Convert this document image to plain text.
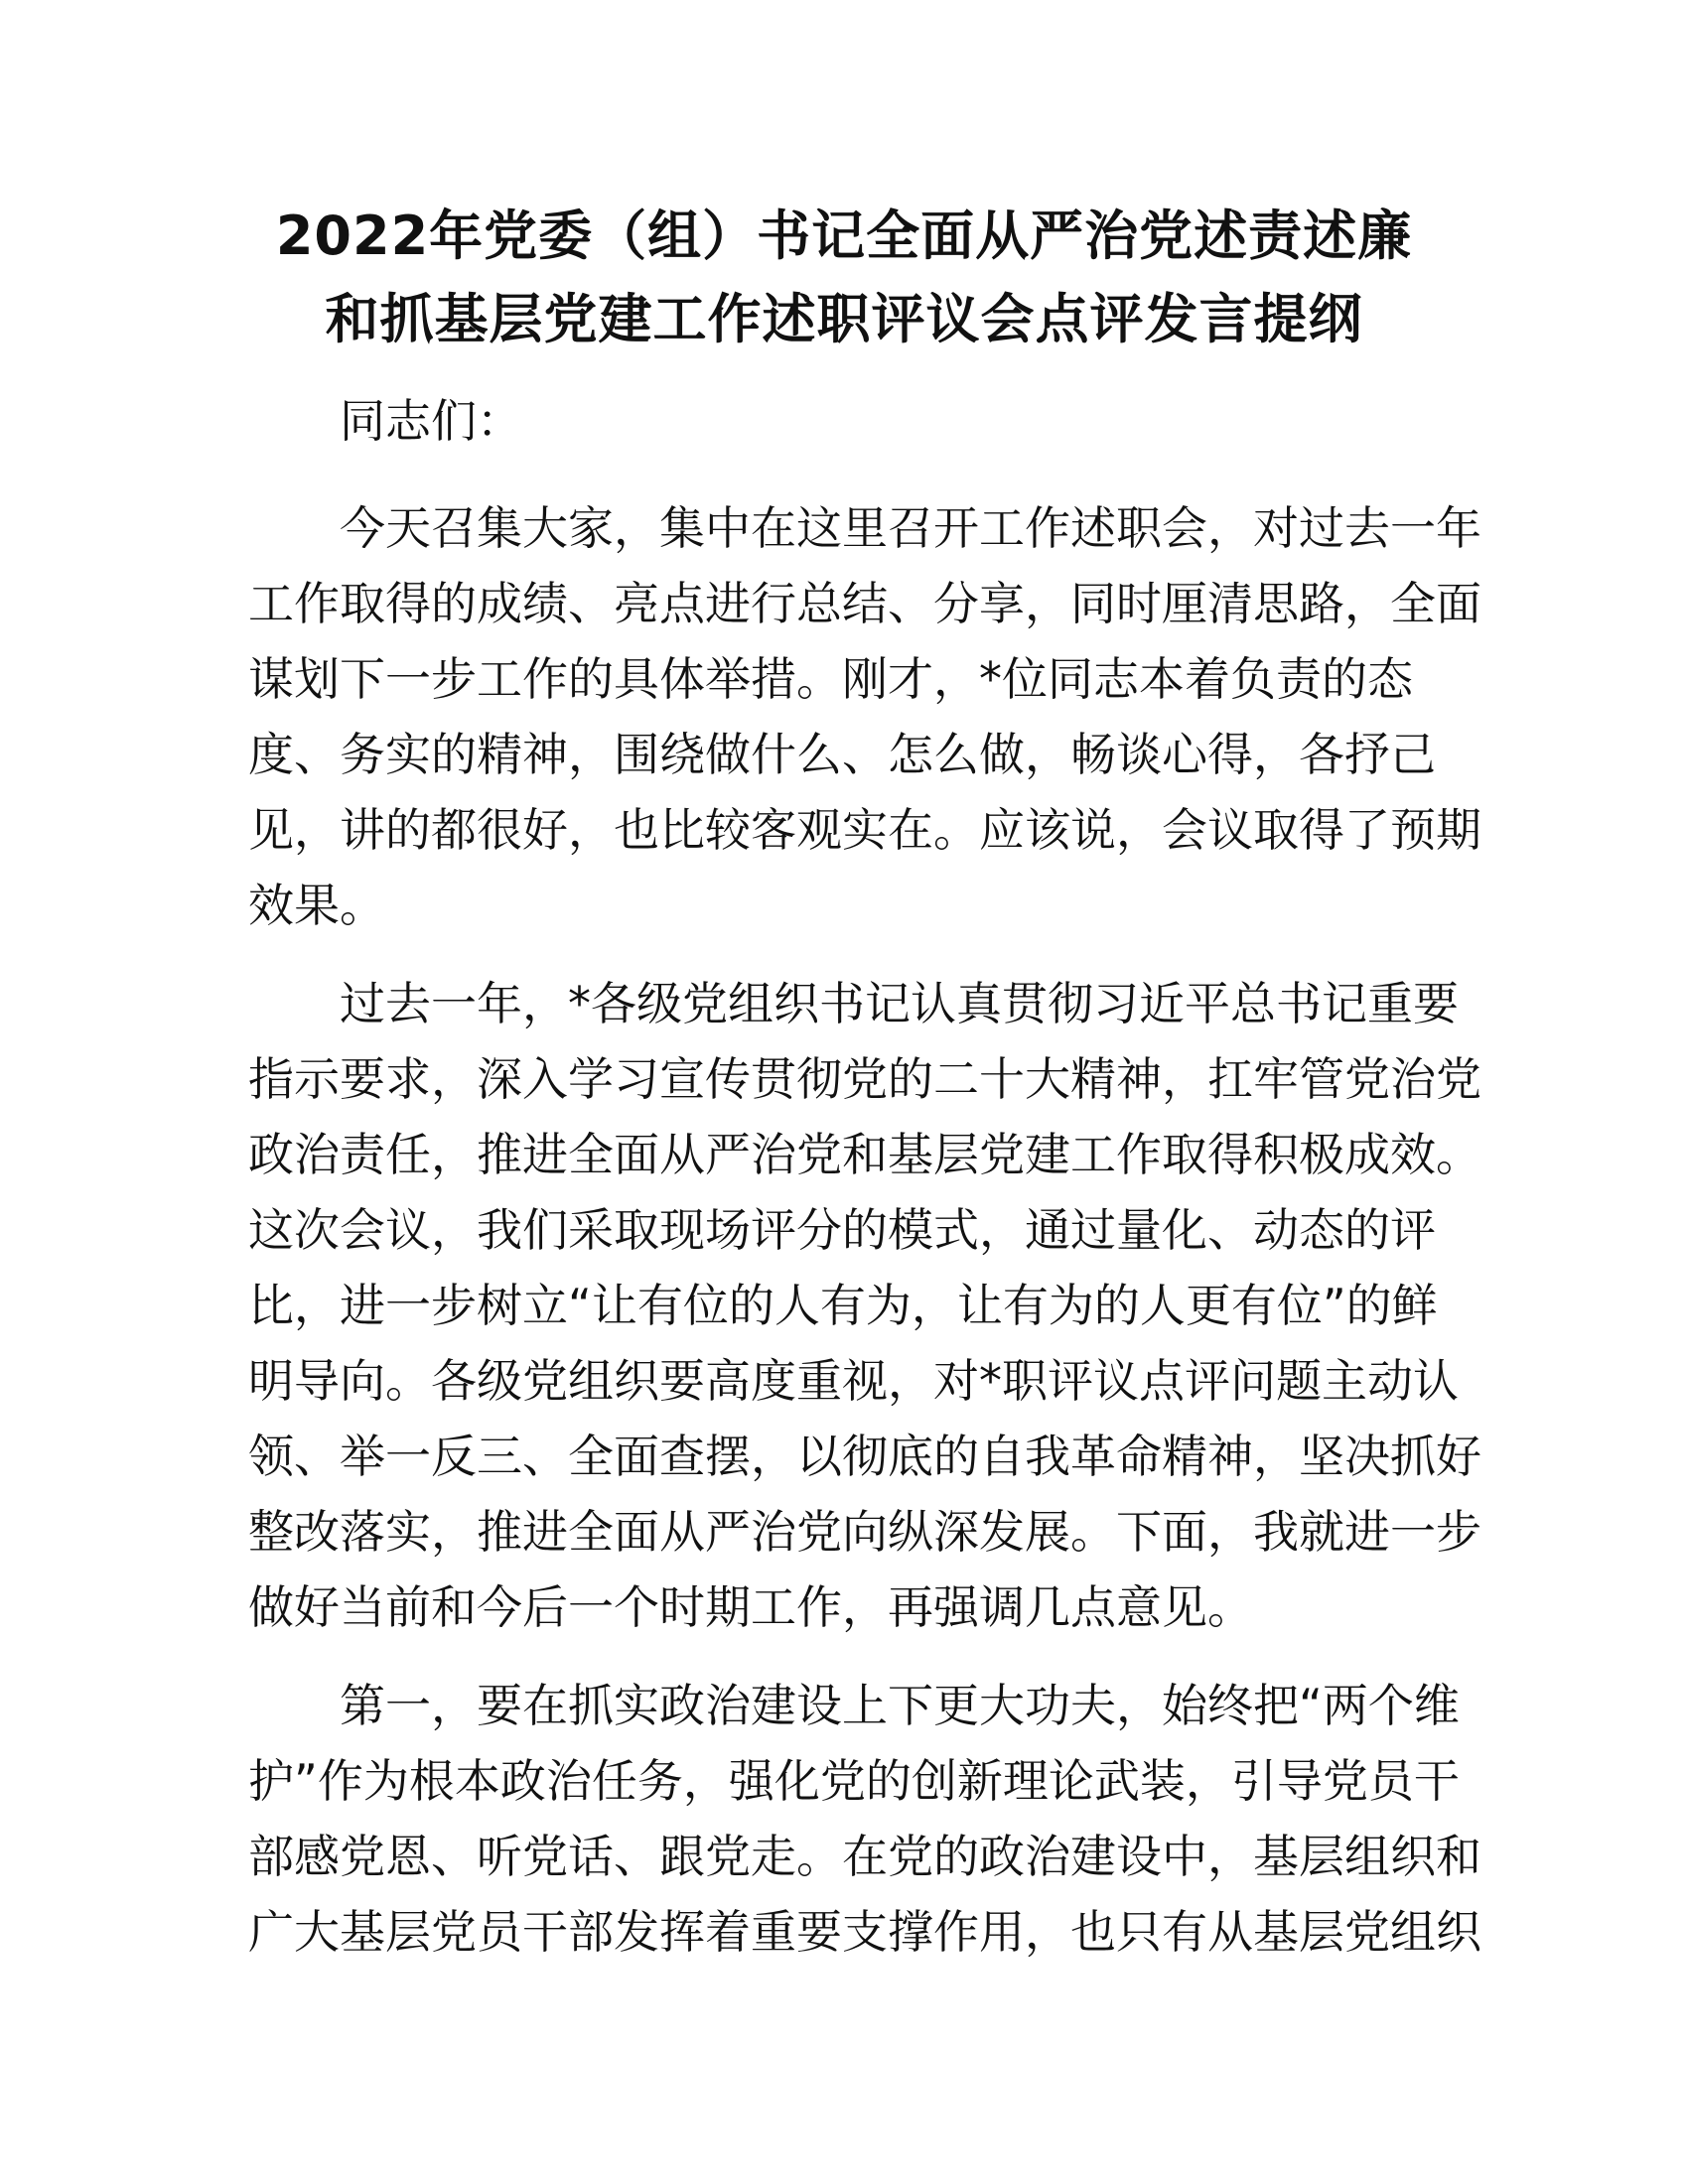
2022年党委（组）书记全面从严治党述责述廉
和抓基层党建工作述职评议会点评发言提纲
同志们：
今天召集大家，集中在这里召开工作述职会，对过去一年
工作取得的成绩、亮点进行总结、分享，同时厘清思路，全面
谋划下一步工作的具体举措。刚才，*位同志本着负责的态
度、务实的精神，围绕做什么、怎么做，畅谈心得，各抒己
见，讲的都很好，也比较客观实在。应该说，会议取得了预期
效果。
过去一年，*各级党组织书记认真贯彻习近平总书记重要
指示要求，深入学习宣传贯彻党的二十大精神，扛牢管党治党
政治责任，推进全面从严治党和基层党建工作取得积极成效。
这次会议，我们采取现场评分的模式，通过量化、动态的评
比，进一步树立“让有位的人有为，让有为的人更有位”的鲜
明导向。各级党组织要高度重视，对*职评议点评问题主动认
领、举一反三、全面查摆，以彻底的自我革命精神，坚决抓好
整改落实，推进全面从严治党向纵深发展。下面，我就进一步
做好当前和今后一个时期工作，再强调几点意见。
第一，要在抓实政治建设上下更大功夫，始终把“两个维
护”作为根本政治任务，强化党的创新理论武装，引导党员干
部感党恩、听党话、跟党走。在党的政治建设中，基层组织和
广大基层党员干部发挥着重要支撑作用，也只有从基层党组织
